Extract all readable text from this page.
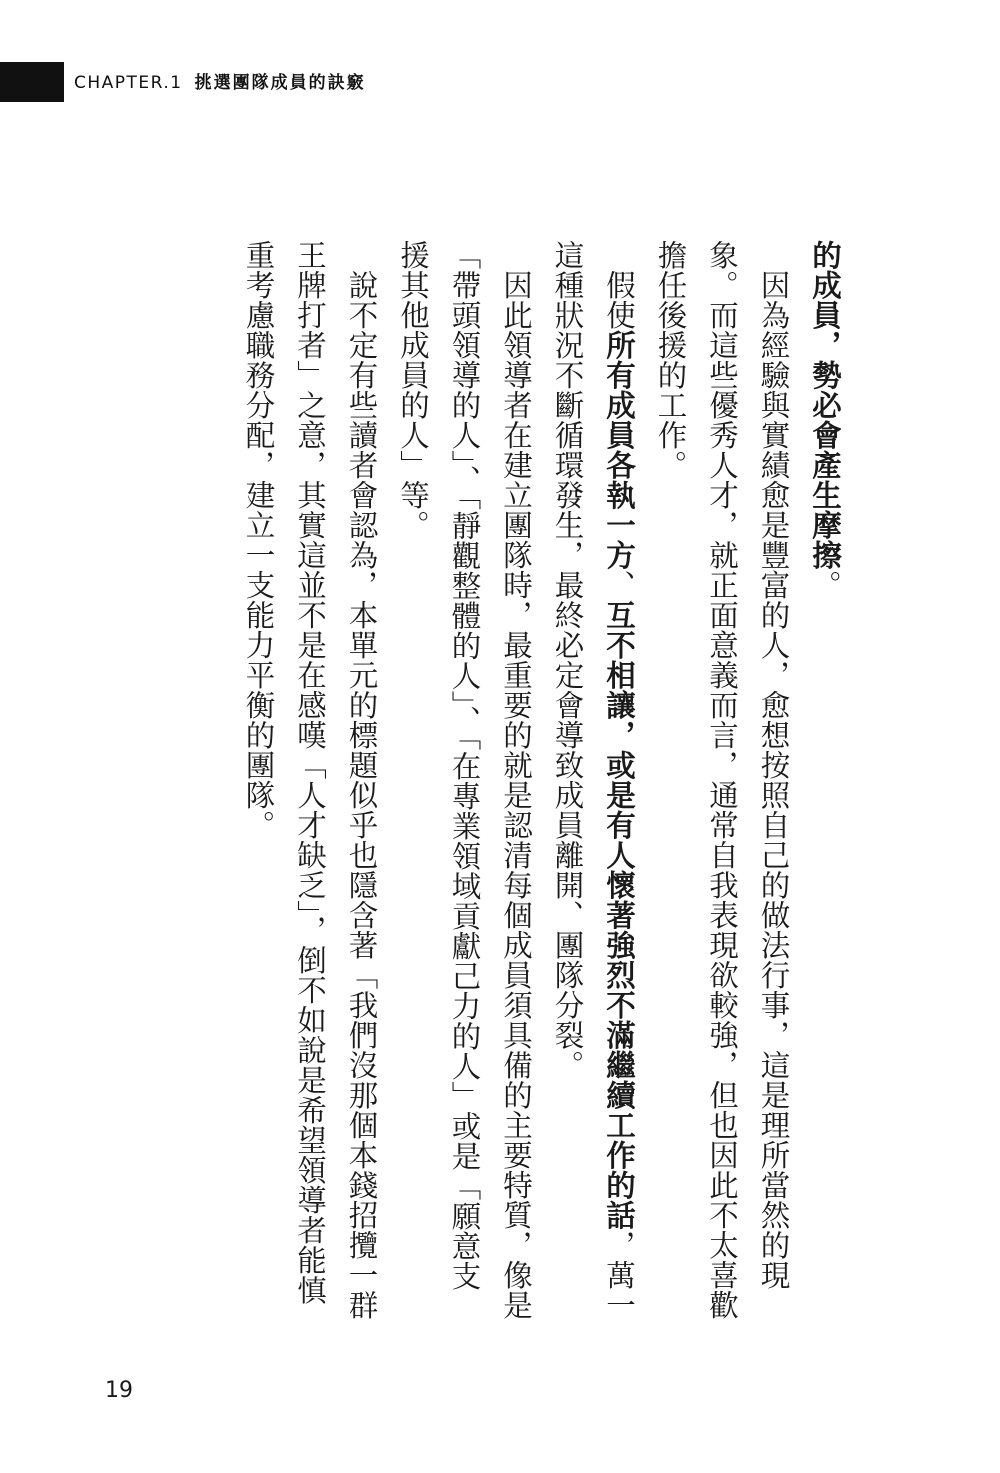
CHAPTER.1 挑選團隊成員的訣竅

的成員，勢必會產生摩擦。

因為經驗與實績愈是豐富的人，愈想按照自己的做法行事，這是理所當然的現象。而這些優秀人才，就正面意義而言，通常自我表現欲較強，但也因此不太喜歡擔任後援的工作。

假使所有成員各執一方、互不相讓，或是有人懷著強烈不滿繼續工作的話，萬一這種狀況不斷循環發生，最終必定會導致成員離開、團隊分裂。

因此領導者在建立團隊時，最重要的就是認清每個成員須具備的主要特質，像是「帶頭領導的人」、「靜觀整體的人」、「在專業領域貢獻己力的人」或是「願意支援其他成員的人」等。

說不定有些讀者會認為，本單元的標題似乎也隱含著「我們沒那個本錢招攬一群王牌打者」之意，其實這並不是在感嘆「人才缺乏」，倒不如說是希望領導者能慎重考慮職務分配，建立一支能力平衡的團隊。

19
